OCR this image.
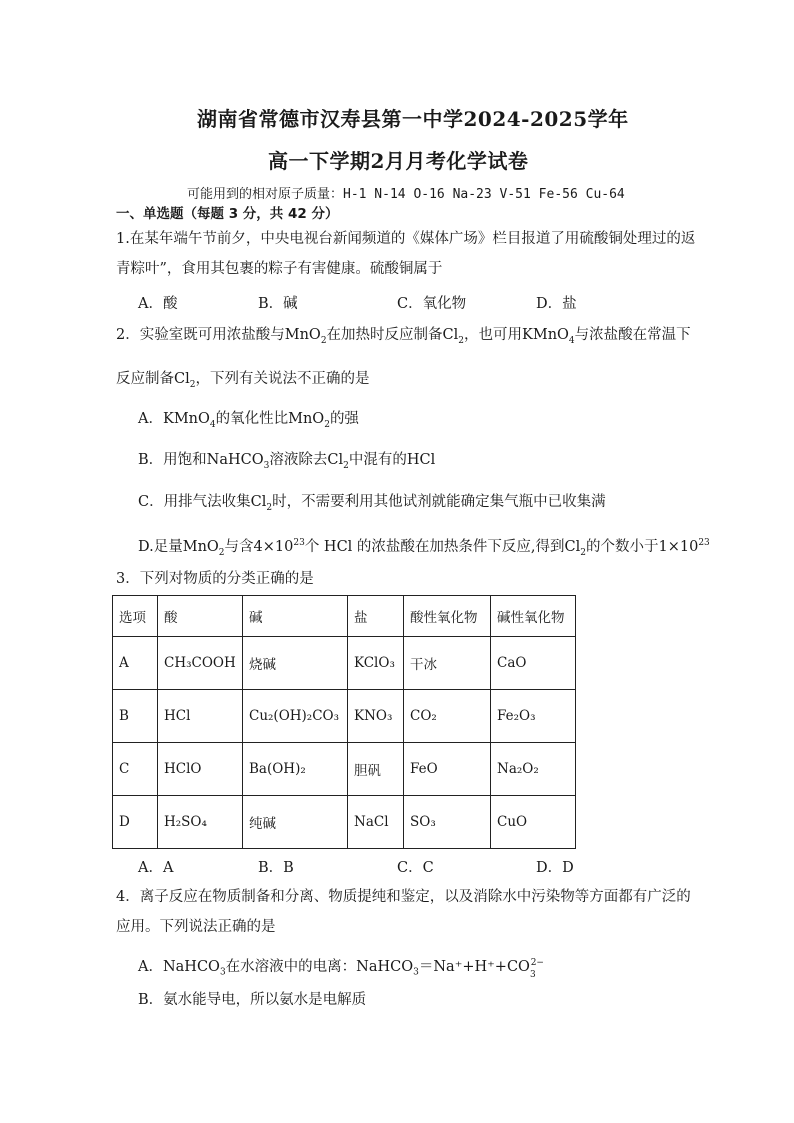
湖南省常德市汉寿县第一中学2024-2025学年
高一下学期2月月考化学试卷
可能用到的相对原子质量：H-1 N-14 O-16 Na-23 V-51 Fe-56 Cu-64
一、单选题（每题 3 分，共 42 分）
1.在某年端午节前夕，中央电视台新闻频道的《媒体广场》栏目报道了用硫酸铜处理过的返
青粽叶”，食用其包裹的粽子有害健康。硫酸铜属于
A．酸	B．碱	C．氧化物	D．盐
2．实验室既可用浓盐酸与MnO$_2$在加热时反应制备$Cl_2$，也可用KMnO$_4$与浓盐酸在常温下
反应制备$Cl_2$，下列有关说法不正确的是
A．KMnO$_4$的氧化性比MnO$_2$的强
B．用饱和NaHCO$_3$溶液除去$Cl_2$中混有的HCl
C．用排气法收集$Cl_2$时，不需要利用其他试剂就能确定集气瓶中已收集满
D.足量MnO$_2$与含$4\times 10^{23}$个 HCl 的浓盐酸在加热条件下反应,得到$Cl_2$的个数小于$1\times 10^{23}$
3．下列对物质的分类正确的是
选项	酸	碱	盐	酸性氧化物	碱性氧化物
A	CH₃COOH	烧碱	KClO₃	干冰	CaO
B	HCl	Cu₂(OH)₂CO₃	KNO₃	CO₂	Fe₂O₃
C	HClO	Ba(OH)₂	胆矾	FeO	Na₂O₂
D	H₂SO₄	纯碱	NaCl	SO₃	CuO
A．A	B．B	C．C	D．D
4．离子反应在物质制备和分离、物质提纯和鉴定，以及消除水中污染物等方面都有广泛的
应用。下列说法正确的是
A．NaHCO$_3$在水溶液中的电离：$NaHCO_3=Na^++H^++CO_3^{2-}$
B．氨水能导电，所以氨水是电解质
